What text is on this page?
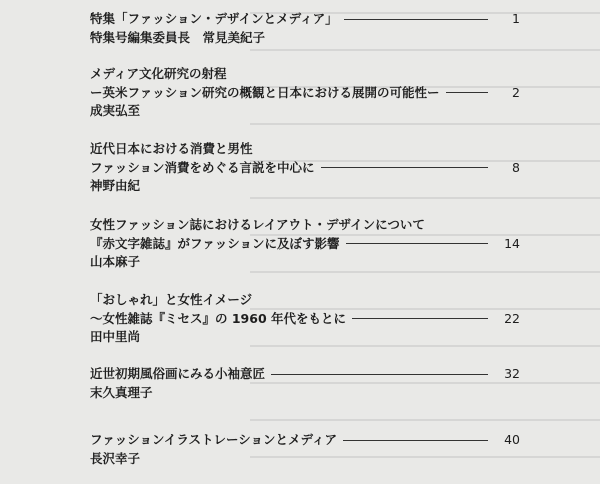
特集「ファッション・デザインとメディア」	1
特集号編集委員長　常見美紀子
メディア文化研究の射程
ー英米ファッション研究の概観と日本における展開の可能性ー	2
成実弘至
近代日本における消費と男性
ファッション消費をめぐる言説を中心に	8
神野由紀
女性ファッション誌におけるレイアウト・デザインについて
『赤文字雑誌』がファッションに及ぼす影響	14
山本麻子
「おしゃれ」と女性イメージ
～女性雑誌『ミセス』の 1960 年代をもとに	22
田中里尚
近世初期風俗画にみる小袖意匠	32
末久真理子
ファッションイラストレーションとメディア	40
長沢幸子
